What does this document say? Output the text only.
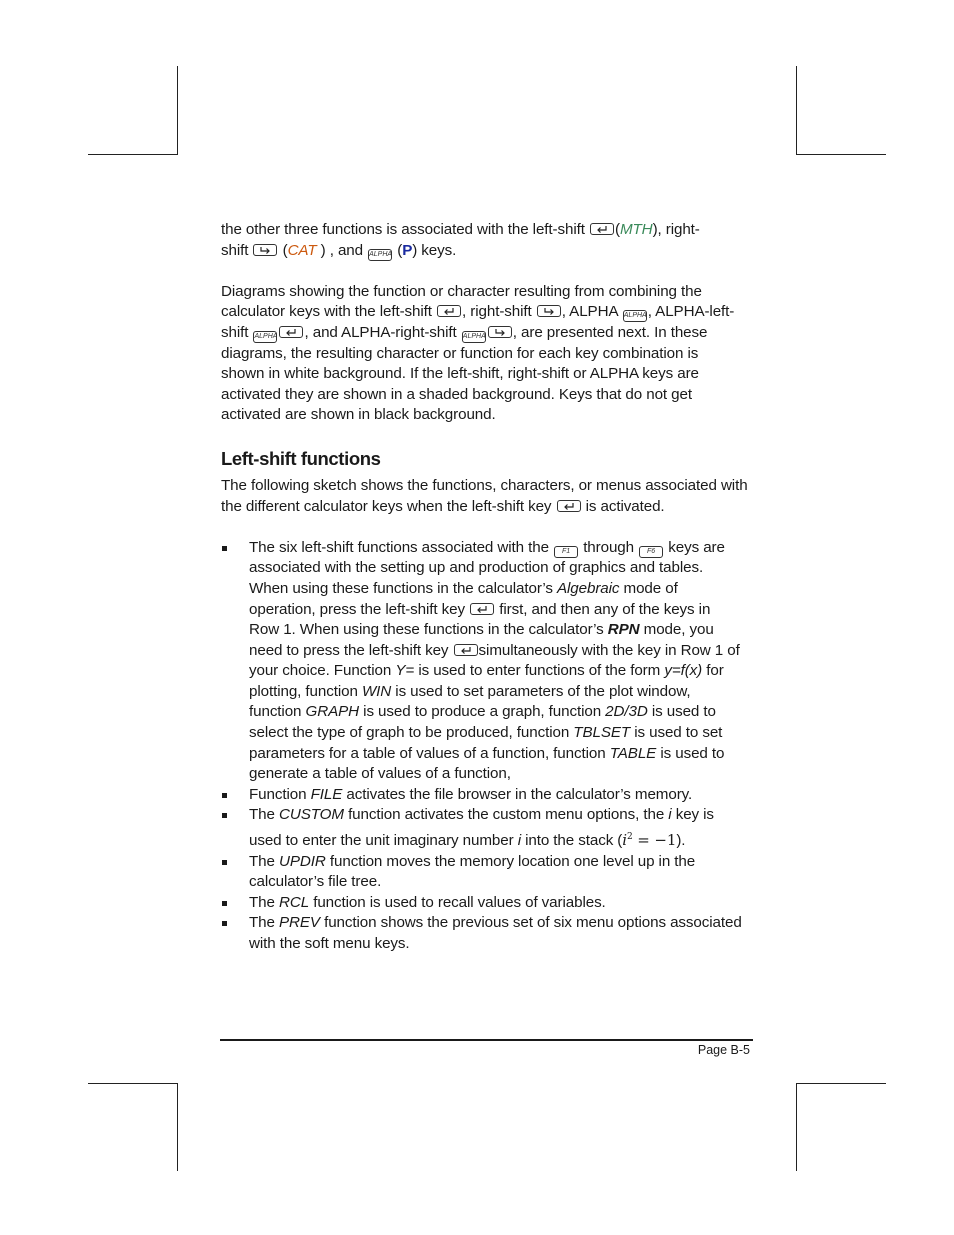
the other three functions is associated with the left-shift (MTH), right-
shift
(CAT ) , and ALPHA (P) keys.

Diagrams showing the function or character resulting from combining the
calculator keys with the left-shift , right-shift , ALPHA ALPHA, ALPHA-left-
shift ALPHA , and ALPHA-right-shift ALPHA , are presented next. In these
diagrams, the resulting character or function for each key combination is
shown in white background. If the left-shift, right-shift or ALPHA keys are
activated they are shown in a shaded background. Keys that do not get
activated are shown in black background.

Left-shift functions

The following sketch shows the functions, characters, or menus associated with
the different calculator keys when the left-shift key is activated.

The six left-shift functions associated with the F1 through F6 keys are
associated with the setting up and production of graphics and tables.
When using these functions in the calculator’s Algebraic mode of
operation, press the left-shift key first, and then any of the keys in
Row 1. When using these functions in the calculator’s RPN mode, you
need to press the left-shift key simultaneously with the key in Row 1 of
your choice. Function Y= is used to enter functions of the form y=f(x) for
plotting, function WIN is used to set parameters of the plot window,
function GRAPH is used to produce a graph, function 2D/3D is used to
select the type of graph to be produced, function TBLSET is used to set
parameters for a table of values of a function, function TABLE is used to
generate a table of values of a function,
Function FILE activates the file browser in the calculator’s memory.
The CUSTOM function activates the custom menu options, the i key is
used to enter the unit imaginary number i into the stack $(i^2 = -1)$.
The UPDIR function moves the memory location one level up in the
calculator’s file tree.
The RCL function is used to recall values of variables.
The PREV function shows the previous set of six menu options associated
with the soft menu keys.
Page B-5
